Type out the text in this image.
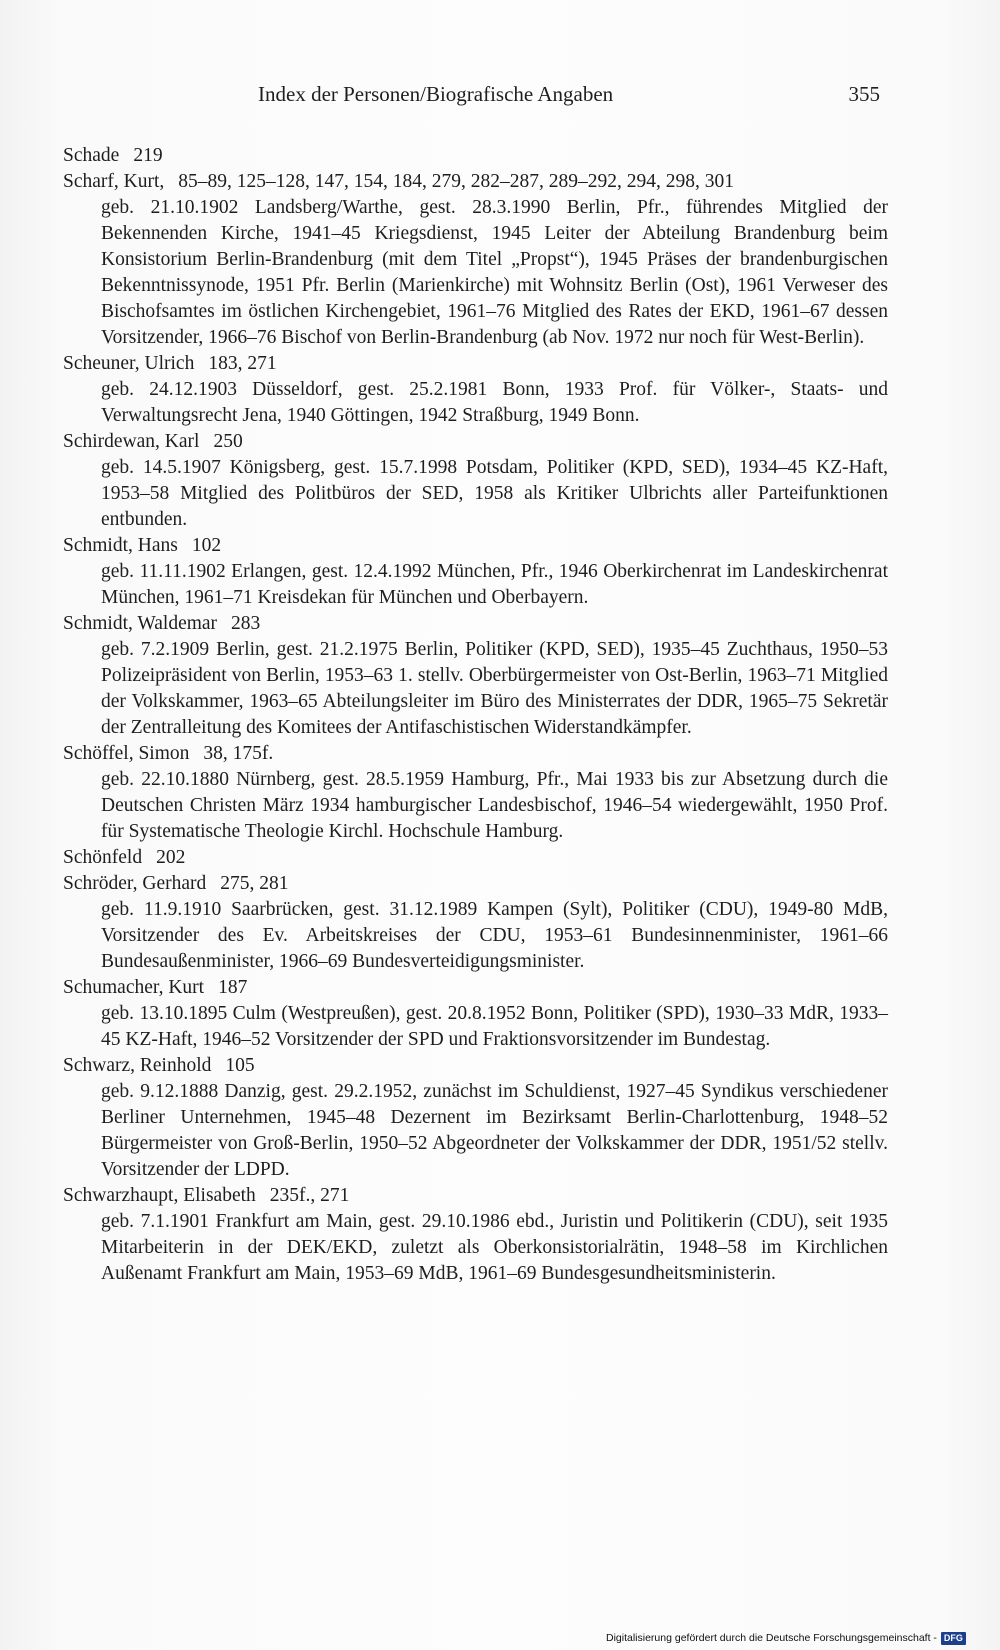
Index der Personen/Biografische Angaben	355
Schade 219
Scharf, Kurt, 85–89, 125–128, 147, 154, 184, 279, 282–287, 289–292, 294, 298, 301
geb. 21.10.1902 Landsberg/Warthe, gest. 28.3.1990 Berlin, Pfr., führendes Mitglied der Bekennenden Kirche, 1941–45 Kriegsdienst, 1945 Leiter der Abteilung Brandenburg beim Konsistorium Berlin-Brandenburg (mit dem Titel „Propst“), 1945 Präses der brandenburgischen Bekenntnissynode, 1951 Pfr. Berlin (Marienkirche) mit Wohnsitz Berlin (Ost), 1961 Verweser des Bischofsamtes im östlichen Kirchengebiet, 1961–76 Mitglied des Rates der EKD, 1961–67 dessen Vorsitzender, 1966–76 Bischof von Berlin-Brandenburg (ab Nov. 1972 nur noch für West-Berlin).
Scheuner, Ulrich 183, 271
geb. 24.12.1903 Düsseldorf, gest. 25.2.1981 Bonn, 1933 Prof. für Völker-, Staats- und Verwaltungsrecht Jena, 1940 Göttingen, 1942 Straßburg, 1949 Bonn.
Schirdewan, Karl 250
geb. 14.5.1907 Königsberg, gest. 15.7.1998 Potsdam, Politiker (KPD, SED), 1934–45 KZ-Haft, 1953–58 Mitglied des Politbüros der SED, 1958 als Kritiker Ulbrichts aller Parteifunktionen entbunden.
Schmidt, Hans 102
geb. 11.11.1902 Erlangen, gest. 12.4.1992 München, Pfr., 1946 Oberkirchenrat im Landeskirchenrat München, 1961–71 Kreisdekan für München und Oberbayern.
Schmidt, Waldemar 283
geb. 7.2.1909 Berlin, gest. 21.2.1975 Berlin, Politiker (KPD, SED), 1935–45 Zuchthaus, 1950–53 Polizeipräsident von Berlin, 1953–63 1. stellv. Oberbürgermeister von Ost-Berlin, 1963–71 Mitglied der Volkskammer, 1963–65 Abteilungsleiter im Büro des Ministerrates der DDR, 1965–75 Sekretär der Zentralleitung des Komitees der Antifaschistischen Widerstandkämpfer.
Schöffel, Simon 38, 175f.
geb. 22.10.1880 Nürnberg, gest. 28.5.1959 Hamburg, Pfr., Mai 1933 bis zur Absetzung durch die Deutschen Christen März 1934 hamburgischer Landesbischof, 1946–54 wiedergewählt, 1950 Prof. für Systematische Theologie Kirchl. Hochschule Hamburg.
Schönfeld 202
Schröder, Gerhard 275, 281
geb. 11.9.1910 Saarbrücken, gest. 31.12.1989 Kampen (Sylt), Politiker (CDU), 1949-80 MdB, Vorsitzender des Ev. Arbeitskreises der CDU, 1953–61 Bundesinnenminister, 1961–66 Bundesaußenminister, 1966–69 Bundesverteidigungsminister.
Schumacher, Kurt 187
geb. 13.10.1895 Culm (Westpreußen), gest. 20.8.1952 Bonn, Politiker (SPD), 1930–33 MdR, 1933–45 KZ-Haft, 1946–52 Vorsitzender der SPD und Fraktionsvorsitzender im Bundestag.
Schwarz, Reinhold 105
geb. 9.12.1888 Danzig, gest. 29.2.1952, zunächst im Schuldienst, 1927–45 Syndikus verschiedener Berliner Unternehmen, 1945–48 Dezernent im Bezirksamt Berlin-Charlottenburg, 1948–52 Bürgermeister von Groß-Berlin, 1950–52 Abgeordneter der Volkskammer der DDR, 1951/52 stellv. Vorsitzender der LDPD.
Schwarzhaupt, Elisabeth 235f., 271
geb. 7.1.1901 Frankfurt am Main, gest. 29.10.1986 ebd., Juristin und Politikerin (CDU), seit 1935 Mitarbeiterin in der DEK/EKD, zuletzt als Oberkonsistorialrätin, 1948–58 im Kirchlichen Außenamt Frankfurt am Main, 1953–69 MdB, 1961–69 Bundesgesundheitsministerin.
Digitalisierung gefördert durch die Deutsche Forschungsgemeinschaft - DFG
